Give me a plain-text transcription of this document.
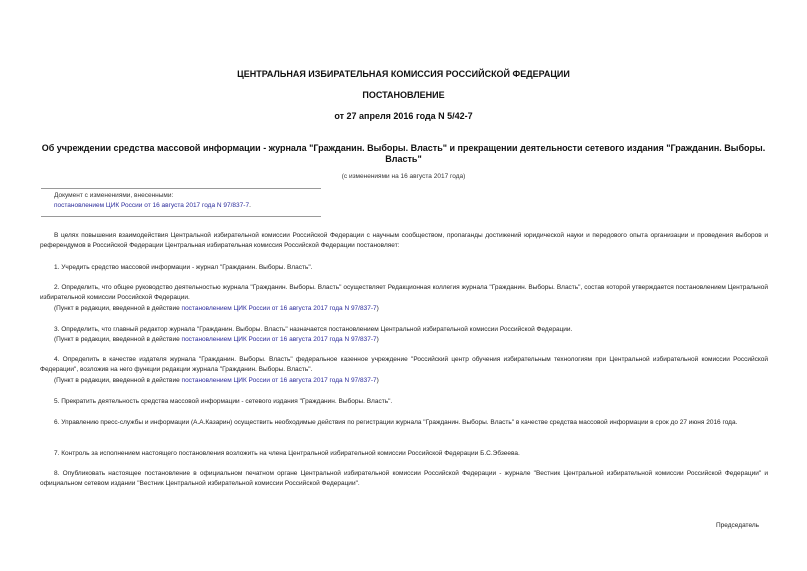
ЦЕНТРАЛЬНАЯ ИЗБИРАТЕЛЬНАЯ КОМИССИЯ РОССИЙСКОЙ ФЕДЕРАЦИИ
ПОСТАНОВЛЕНИЕ
от 27 апреля 2016 года N 5/42-7
Об учреждении средства массовой информации - журнала "Гражданин. Выборы. Власть" и прекращении деятельности сетевого издания "Гражданин. Выборы.
Власть"
(с изменениями на 16 августа 2017 года)
Документ с изменениями, внесенными:
постановлением ЦИК России от 16 августа 2017 года N 97/837-7.
В целях повышения взаимодействия Центральной избирательной комиссии Российской Федерации с научным сообществом, пропаганды достижений юридической науки и передового опыта организации и проведения выборов и референдумов в Российской Федерации Центральная избирательная комиссия Российской Федерации постановляет:
1. Учредить средство массовой информации - журнал "Гражданин. Выборы. Власть".
2. Определить, что общее руководство деятельностью журнала "Гражданин. Выборы. Власть" осуществляет Редакционная коллегия журнала "Гражданин. Выборы. Власть", состав которой утверждается постановлением Центральной избирательной комиссии Российской Федерации.
(Пункт в редакции, введенной в действие постановлением ЦИК России от 16 августа 2017 года N 97/837-7)
3. Определить, что главный редактор журнала "Гражданин. Выборы. Власть" назначается постановлением Центральной избирательной комиссии Российской Федерации.
(Пункт в редакции, введенной в действие постановлением ЦИК России от 16 августа 2017 года N 97/837-7)
4. Определить в качестве издателя журнала "Гражданин. Выборы. Власть" федеральное казенное учреждение "Российский центр обучения избирательным технологиям при Центральной избирательной комиссии Российской Федерации", возложив на него функции редакции журнала "Гражданин. Выборы. Власть".
(Пункт в редакции, введенной в действие постановлением ЦИК России от 16 августа 2017 года N 97/837-7)
5. Прекратить деятельность средства массовой информации - сетевого издания "Гражданин. Выборы. Власть".
6. Управлению пресс-службы и информации (А.А.Казарин) осуществить необходимые действия по регистрации журнала "Гражданин. Выборы. Власть" в качестве средства массовой информации в срок до 27 июня 2016 года.
7. Контроль за исполнением настоящего постановления возложить на члена Центральной избирательной комиссии Российской Федерации Б.С.Эбзеева.
8. Опубликовать настоящее постановление в официальном печатном органе Центральной избирательной комиссии Российской Федерации - журнале "Вестник Центральной избирательной комиссии Российской Федерации" и официальном сетевом издании "Вестник Центральной избирательной комиссии Российской Федерации".
Председатель
